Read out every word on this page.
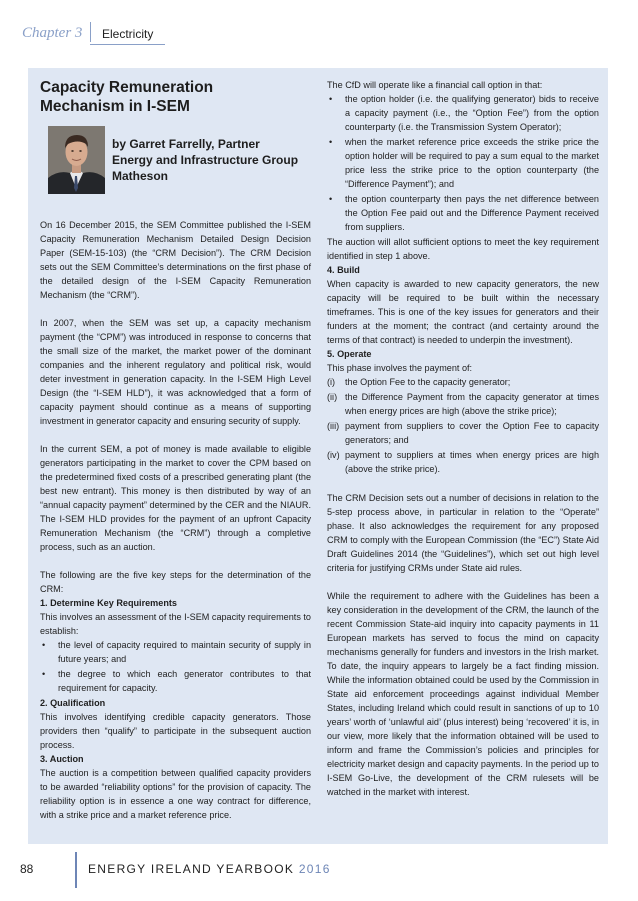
Chapter 3 Electricity
Capacity Remuneration
Mechanism in I-SEM
by Garret Farrelly, Partner
Energy and Infrastructure Group
Matheson

On 16 December 2015, the SEM Committee published the I-SEM Capacity Remuneration Mechanism Detailed Design Decision Paper (SEM-15-103) (the “CRM Decision”). The CRM Decision sets out the SEM Committee’s determinations on the first phase of the detailed design of the I-SEM Capacity Remuneration Mechanism (the “CRM”).

In 2007, when the SEM was set up, a capacity mechanism payment (the “CPM”) was introduced in response to concerns that the small size of the market, the market power of the dominant companies and the inherent regulatory and political risk, would deter investment in generation capacity. In the I-SEM High Level Design (the “I-SEM HLD”), it was acknowledged that a form of capacity payment should continue as a means of supporting investment in generator capacity and ensuring security of supply.

In the current SEM, a pot of money is made available to eligible generators participating in the market to cover the CPM based on the predetermined fixed costs of a prescribed generating plant (the best new entrant). This money is then distributed by way of an “annual capacity payment” determined by the CER and the NIAUR. The I-SEM HLD provides for the payment of an upfront Capacity Remuneration Mechanism (the “CRM”) through a completive process, such as an auction.

The following are the five key steps for the determination of the CRM:

1. Determine Key Requirements

This involves an assessment of the I-SEM capacity requirements to establish:

• the level of capacity required to maintain security of supply in future years; and
• the degree to which each generator contributes to that requirement for capacity.

2. Qualification

This involves identifying credible capacity generators. Those providers then “qualify” to participate in the subsequent auction process.

3. Auction

The auction is a competition between qualified capacity providers to be awarded “reliability options” for the provision of capacity. The reliability option is in essence a one way contract for difference, with a strike price and a market reference price.

The CfD will operate like a financial call option in that:

• the option holder (i.e. the qualifying generator) bids to receive a capacity payment (i.e., the “Option Fee”) from the option counterparty (i.e. the Transmission System Operator);
• when the market reference price exceeds the strike price the option holder will be required to pay a sum equal to the market price less the strike price to the option counterparty (the “Difference Payment”); and
• the option counterparty then pays the net difference between the Option Fee paid out and the Difference Payment received from suppliers.

The auction will allot sufficient options to meet the key requirement identified in step 1 above.

4. Build

When capacity is awarded to new capacity generators, the new capacity will be required to be built within the necessary timeframes. This is one of the key issues for generators and their funders at the moment; the contract (and certainty around the terms of that contract) is needed to underpin the investment).

5. Operate

This phase involves the payment of:

(i) the Option Fee to the capacity generator;
(ii) the Difference Payment from the capacity generator at times when energy prices are high (above the strike price);
(iii) payment from suppliers to cover the Option Fee to capacity generators; and
(iv) payment to suppliers at times when energy prices are high (above the strike price).

The CRM Decision sets out a number of decisions in relation to the 5-step process above, in particular in relation to the “Operate” phase. It also acknowledges the requirement for any proposed CRM to comply with the European Commission (the “EC”) State Aid Draft Guidelines 2014 (the “Guidelines”), which set out high level criteria for justifying CRMs under State aid rules.

While the requirement to adhere with the Guidelines has been a key consideration in the development of the CRM, the launch of the recent Commission State-aid inquiry into capacity payments in 11 European markets has served to focus the mind on capacity mechanisms generally for funders and investors in the Irish market. To date, the inquiry appears to largely be a fact finding mission. While the information obtained could be used by the Commission in State aid enforcement proceedings against individual Member States, including Ireland which could result in sanctions of up to 10 years’ worth of ‘unlawful aid’ (plus interest) being ‘recovered’ it is, in our view, more likely that the information obtained will be used to inform and frame the Commission’s policies and principles for electricity market design and capacity payments. In the period up to I-SEM Go-Live, the development of the CRM rulesets will be watched in the market with interest.

88	ENERGY IRELAND YEARBOOK 2016
